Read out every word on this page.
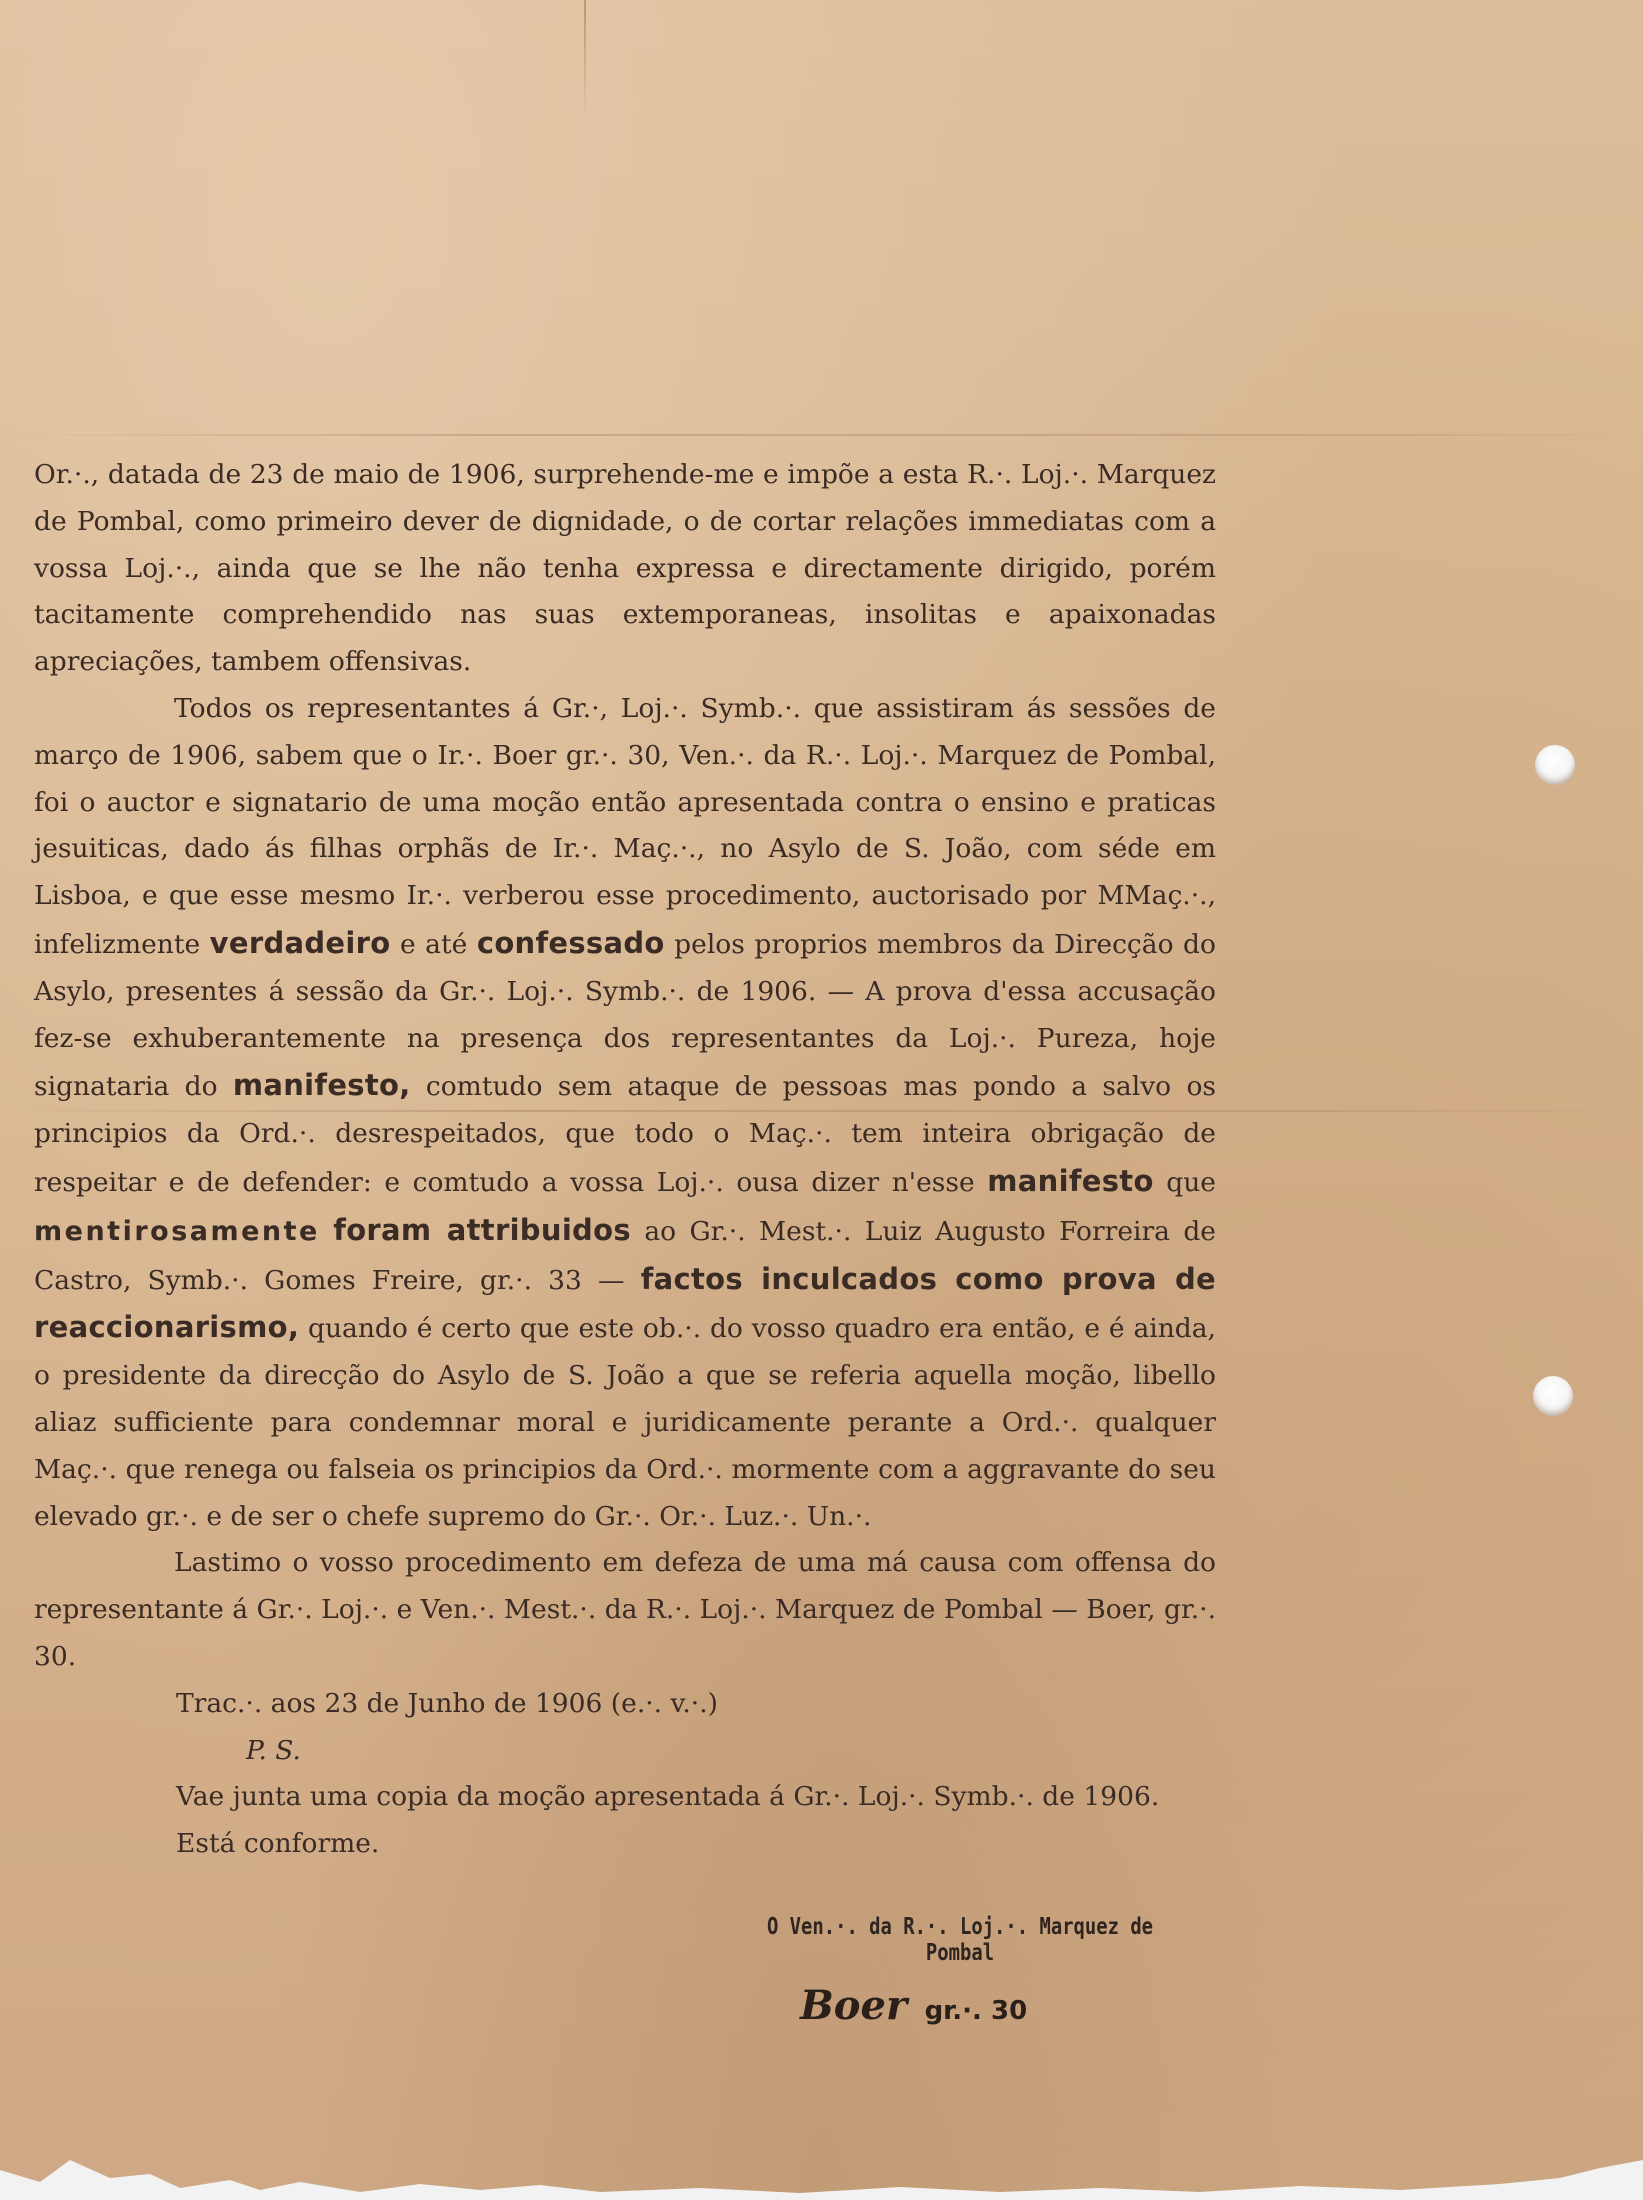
Or.·., datada de 23 de maio de 1906, surprehende-me e impõe a esta R.·. Loj.·. Marquez de Pombal, como primeiro dever de dignidade, o de cortar relações immediatas com a vossa Loj.·., ainda que se lhe não tenha expressa e directamente dirigido, porém tacitamente comprehendido nas suas extemporaneas, insolitas e apaixonadas apreciações, tambem offensivas.

Todos os representantes á Gr.·, Loj.·. Symb.·. que assistiram ás sessões de março de 1906, sabem que o Ir.·. Boer gr.·. 30, Ven.·. da R.·. Loj.·. Marquez de Pombal, foi o auctor e signatario de uma moção então apresentada contra o ensino e praticas jesuiticas, dado ás filhas orphãs de Ir.·. Maç.·., no Asylo de S. João, com séde em Lisboa, e que esse mesmo Ir.·. verberou esse procedimento, auctorisado por MMaç.·., infelizmente verdadeiro e até confessado pelos proprios membros da Direcção do Asylo, presentes á sessão da Gr.·. Loj.·. Symb.·. de 1906. — A prova d'essa accusação fez-se exhuberantemente na presença dos representantes da Loj.·. Pureza, hoje signataria do manifesto, comtudo sem ataque de pessoas mas pondo a salvo os principios da Ord.·. desrespeitados, que todo o Maç.·. tem inteira obrigação de respeitar e de defender: e comtudo a vossa Loj.·. ousa dizer n'esse manifesto que mentirosamente foram attribuidos ao Gr.·. Mest.·. Luiz Augusto Forreira de Castro, Symb.·. Gomes Freire, gr.·. 33 — factos inculcados como prova de reaccionarismo, quando é certo que este ob.·. do vosso quadro era então, e é ainda, o presidente da direcção do Asylo de S. João a que se referia aquella moção, libello aliaz sufficiente para condemnar moral e juridicamente perante a Ord.·. qualquer Maç.·. que renega ou falseia os principios da Ord.·. mormente com a aggravante do seu elevado gr.·. e de ser o chefe supremo do Gr.·. Or.·. Luz.·. Un.·.

Lastimo o vosso procedimento em defeza de uma má causa com offensa do representante á Gr.·. Loj.·. e Ven.·. Mest.·. da R.·. Loj.·. Marquez de Pombal — Boer, gr.·. 30.

Trac.·. aos 23 de Junho de 1906 (e.·. v.·.)

P. S.

Vae junta uma copia da moção apresentada á Gr.·. Loj.·. Symb.·. de 1906.

Está conforme.

O Ven.·. da R.·. Loj.·. Marquez de Pombal
Boer gr.·. 30
